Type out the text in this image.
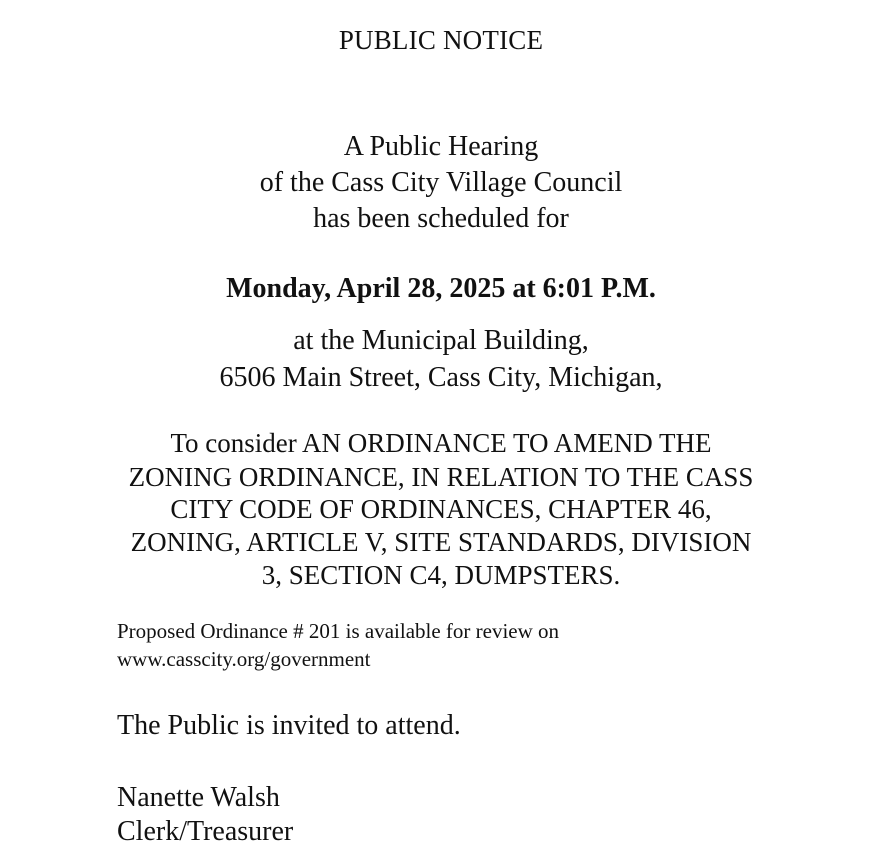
PUBLIC NOTICE
A Public Hearing
of the Cass City Village Council
has been scheduled for
Monday, April 28, 2025 at 6:01 P.M.
at the Municipal Building,
6506 Main Street, Cass City, Michigan,
To consider AN ORDINANCE TO AMEND THE
ZONING ORDINANCE, IN RELATION TO THE CASS
CITY CODE OF ORDINANCES, CHAPTER 46,
ZONING, ARTICLE V, SITE STANDARDS, DIVISION
3, SECTION C4, DUMPSTERS.
Proposed Ordinance # 201 is available for review on
www.casscity.org/government
The Public is invited to attend.
Nanette Walsh
Clerk/Treasurer
